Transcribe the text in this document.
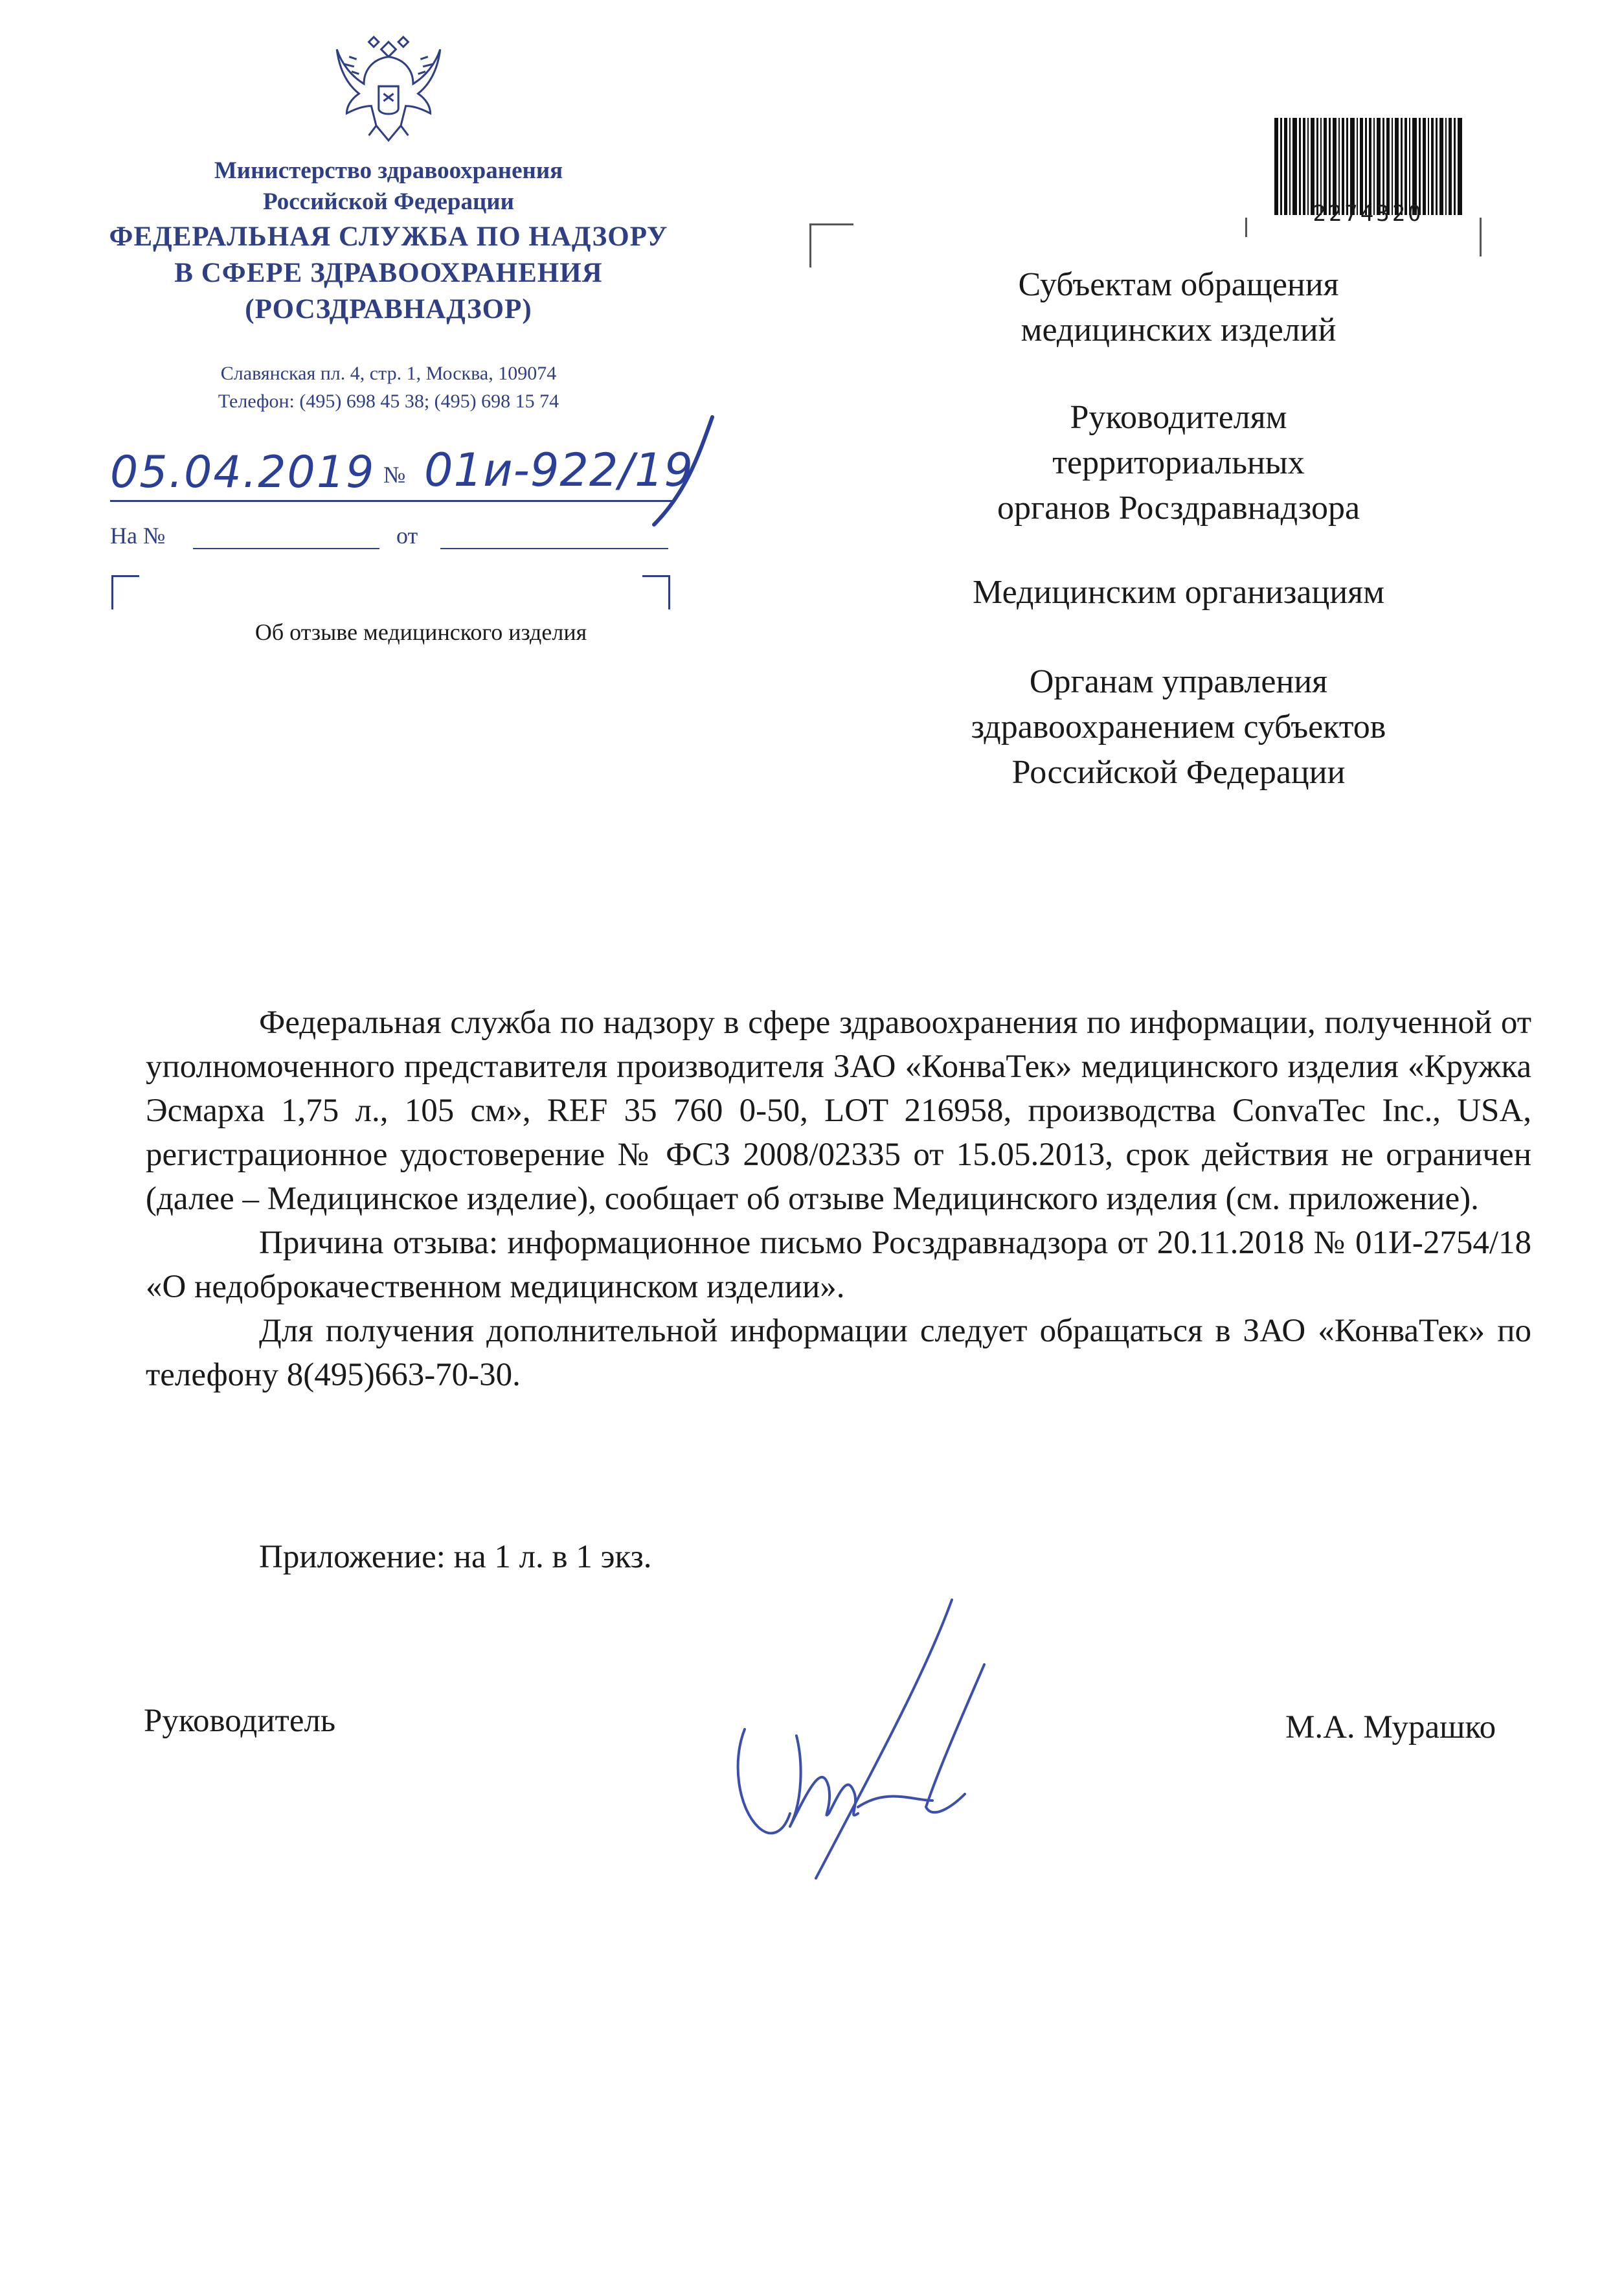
Министерство здравоохранения
Российской Федерации
ФЕДЕРАЛЬНАЯ СЛУЖБА ПО НАДЗОРУ
В СФЕРЕ ЗДРАВООХРАНЕНИЯ
(РОСЗДРАВНАДЗОР)
Славянская пл. 4, стр. 1, Москва, 109074
Телефон: (495) 698 45 38; (495) 698 15 74
05.04.2019 № 01и-922/19
На №	от
Об отзыве медицинского изделия
2274320
Субъектам обращения
медицинских изделий
Руководителям
территориальных
органов Росздравнадзора
Медицинским организациям
Органам управления
здравоохранением субъектов
Российской Федерации

Федеральная служба по надзору в сфере здравоохранения по информации, полученной от уполномоченного представителя производителя ЗАО «КонваТек» медицинского изделия «Кружка Эсмарха 1,75 л., 105 см», REF 35 760 0-50, LOT 216958, производства ConvaTec Inc., USA, регистрационное удостоверение № ФСЗ 2008/02335 от 15.05.2013, срок действия не ограничен (далее – Медицинское изделие), сообщает об отзыве Медицинского изделия (см. приложение).

Причина отзыва: информационное письмо Росздравнадзора от 20.11.2018 № 01И-2754/18 «О недоброкачественном медицинском изделии».

Для получения дополнительной информации следует обращаться в ЗАО «КонваТек» по телефону 8(495)663-70-30.

Приложение: на 1 л. в 1 экз.
Руководитель	М.А. Мурашко
